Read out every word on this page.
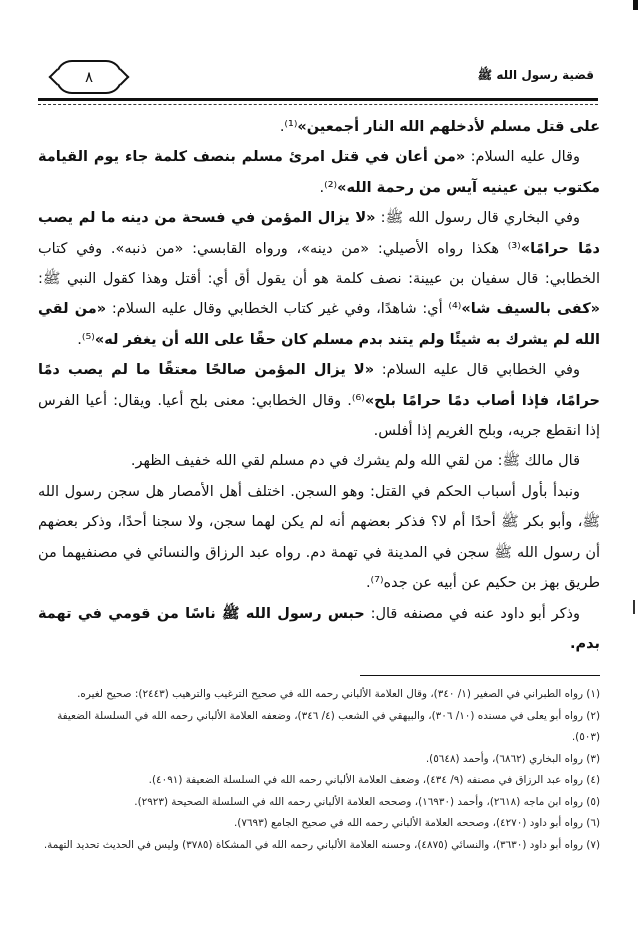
٨	قضية رسول الله ﷺ

على قتل مسلم لأدخلهم الله النار أجمعين»⁽¹⁾.

وقال عليه السلام: «من أعان في قتل امرئ مسلم بنصف كلمة جاء يوم القيامة مكتوب بين عينيه آيس من رحمة الله»⁽²⁾.

وفي البخاري قال رسول الله ﷺ: «لا يزال المؤمن في فسحة من دينه ما لم يصب دمًا حرامًا»⁽³⁾ هكذا رواه الأصيلي: «من دينه»، ورواه القابسي: «من ذنبه». وفي كتاب الخطابي: قال سفيان بن عيينة: نصف كلمة هو أن يقول أق أي: أقتل وهذا كقول النبي ﷺ: «كفى بالسيف شا»⁽⁴⁾ أي: شاهدًا، وفي غير كتاب الخطابي وقال عليه السلام: «من لقي الله لم يشرك به شيئًا ولم يتند بدم مسلم كان حقًا على الله أن يغفر له»⁽⁵⁾.

وفي الخطابي قال عليه السلام: «لا يزال المؤمن صالحًا معتقًا ما لم يصب دمًا حرامًا، فإذا أصاب دمًا حرامًا بلح»⁽⁶⁾. وقال الخطابي: معنى بلح أعيا. ويقال: أعيا الفرس إذا انقطع جريه، وبلح الغريم إذا أفلس.

قال مالك ﷺ: من لقي الله ولم يشرك في دم مسلم لقي الله خفيف الظهر.

ونبدأ بأول أسباب الحكم في القتل: وهو السجن. اختلف أهل الأمصار هل سجن رسول الله ﷺ، وأبو بكر ﷺ أحدًا أم لا؟ فذكر بعضهم أنه لم يكن لهما سجن، ولا سجنا أحدًا، وذكر بعضهم أن رسول الله ﷺ سجن في المدينة في تهمة دم. رواه عبد الرزاق والنسائي في مصنفيهما من طريق بهز بن حكيم عن أبيه عن جده⁽⁷⁾.

وذكر أبو داود عنه في مصنفه قال: حبس رسول الله ﷺ ناسًا من قومي في تهمة بدم.

(١) رواه الطبراني في الصغير (١/ ٣٤٠)، وقال العلامة الألباني رحمه الله في صحيح الترغيب والترهيب (٢٤٤٣): صحيح لغيره.
(٢) رواه أبو يعلى في مسنده (١٠/ ٣٠٦)، والبيهقي في الشعب (٤/ ٣٤٦)، وضعفه العلامة الألباني رحمه الله في السلسلة الضعيفة (٥٠٣).
(٣) رواه البخاري (٦٨٦٢)، وأحمد (٥٦٤٨).
(٤) رواه عبد الرزاق في مصنفه (٩/ ٤٣٤)، وضعف العلامة الألباني رحمه الله في السلسلة الضعيفة (٤٠٩١).
(٥) رواه ابن ماجه (٢٦١٨)، وأحمد (١٦٩٣٠)، وصححه العلامة الألباني رحمه الله في السلسلة الصحيحة (٢٩٢٣).
(٦) رواه أبو داود (٤٢٧٠)، وصححه العلامة الألباني رحمه الله في صحيح الجامع (٧٦٩٣).
(٧) رواه أبو داود (٣٦٣٠)، والنسائي (٤٨٧٥)، وحسنه العلامة الألباني رحمه الله في المشكاة (٣٧٨٥) وليس في الحديث تحديد التهمة.
